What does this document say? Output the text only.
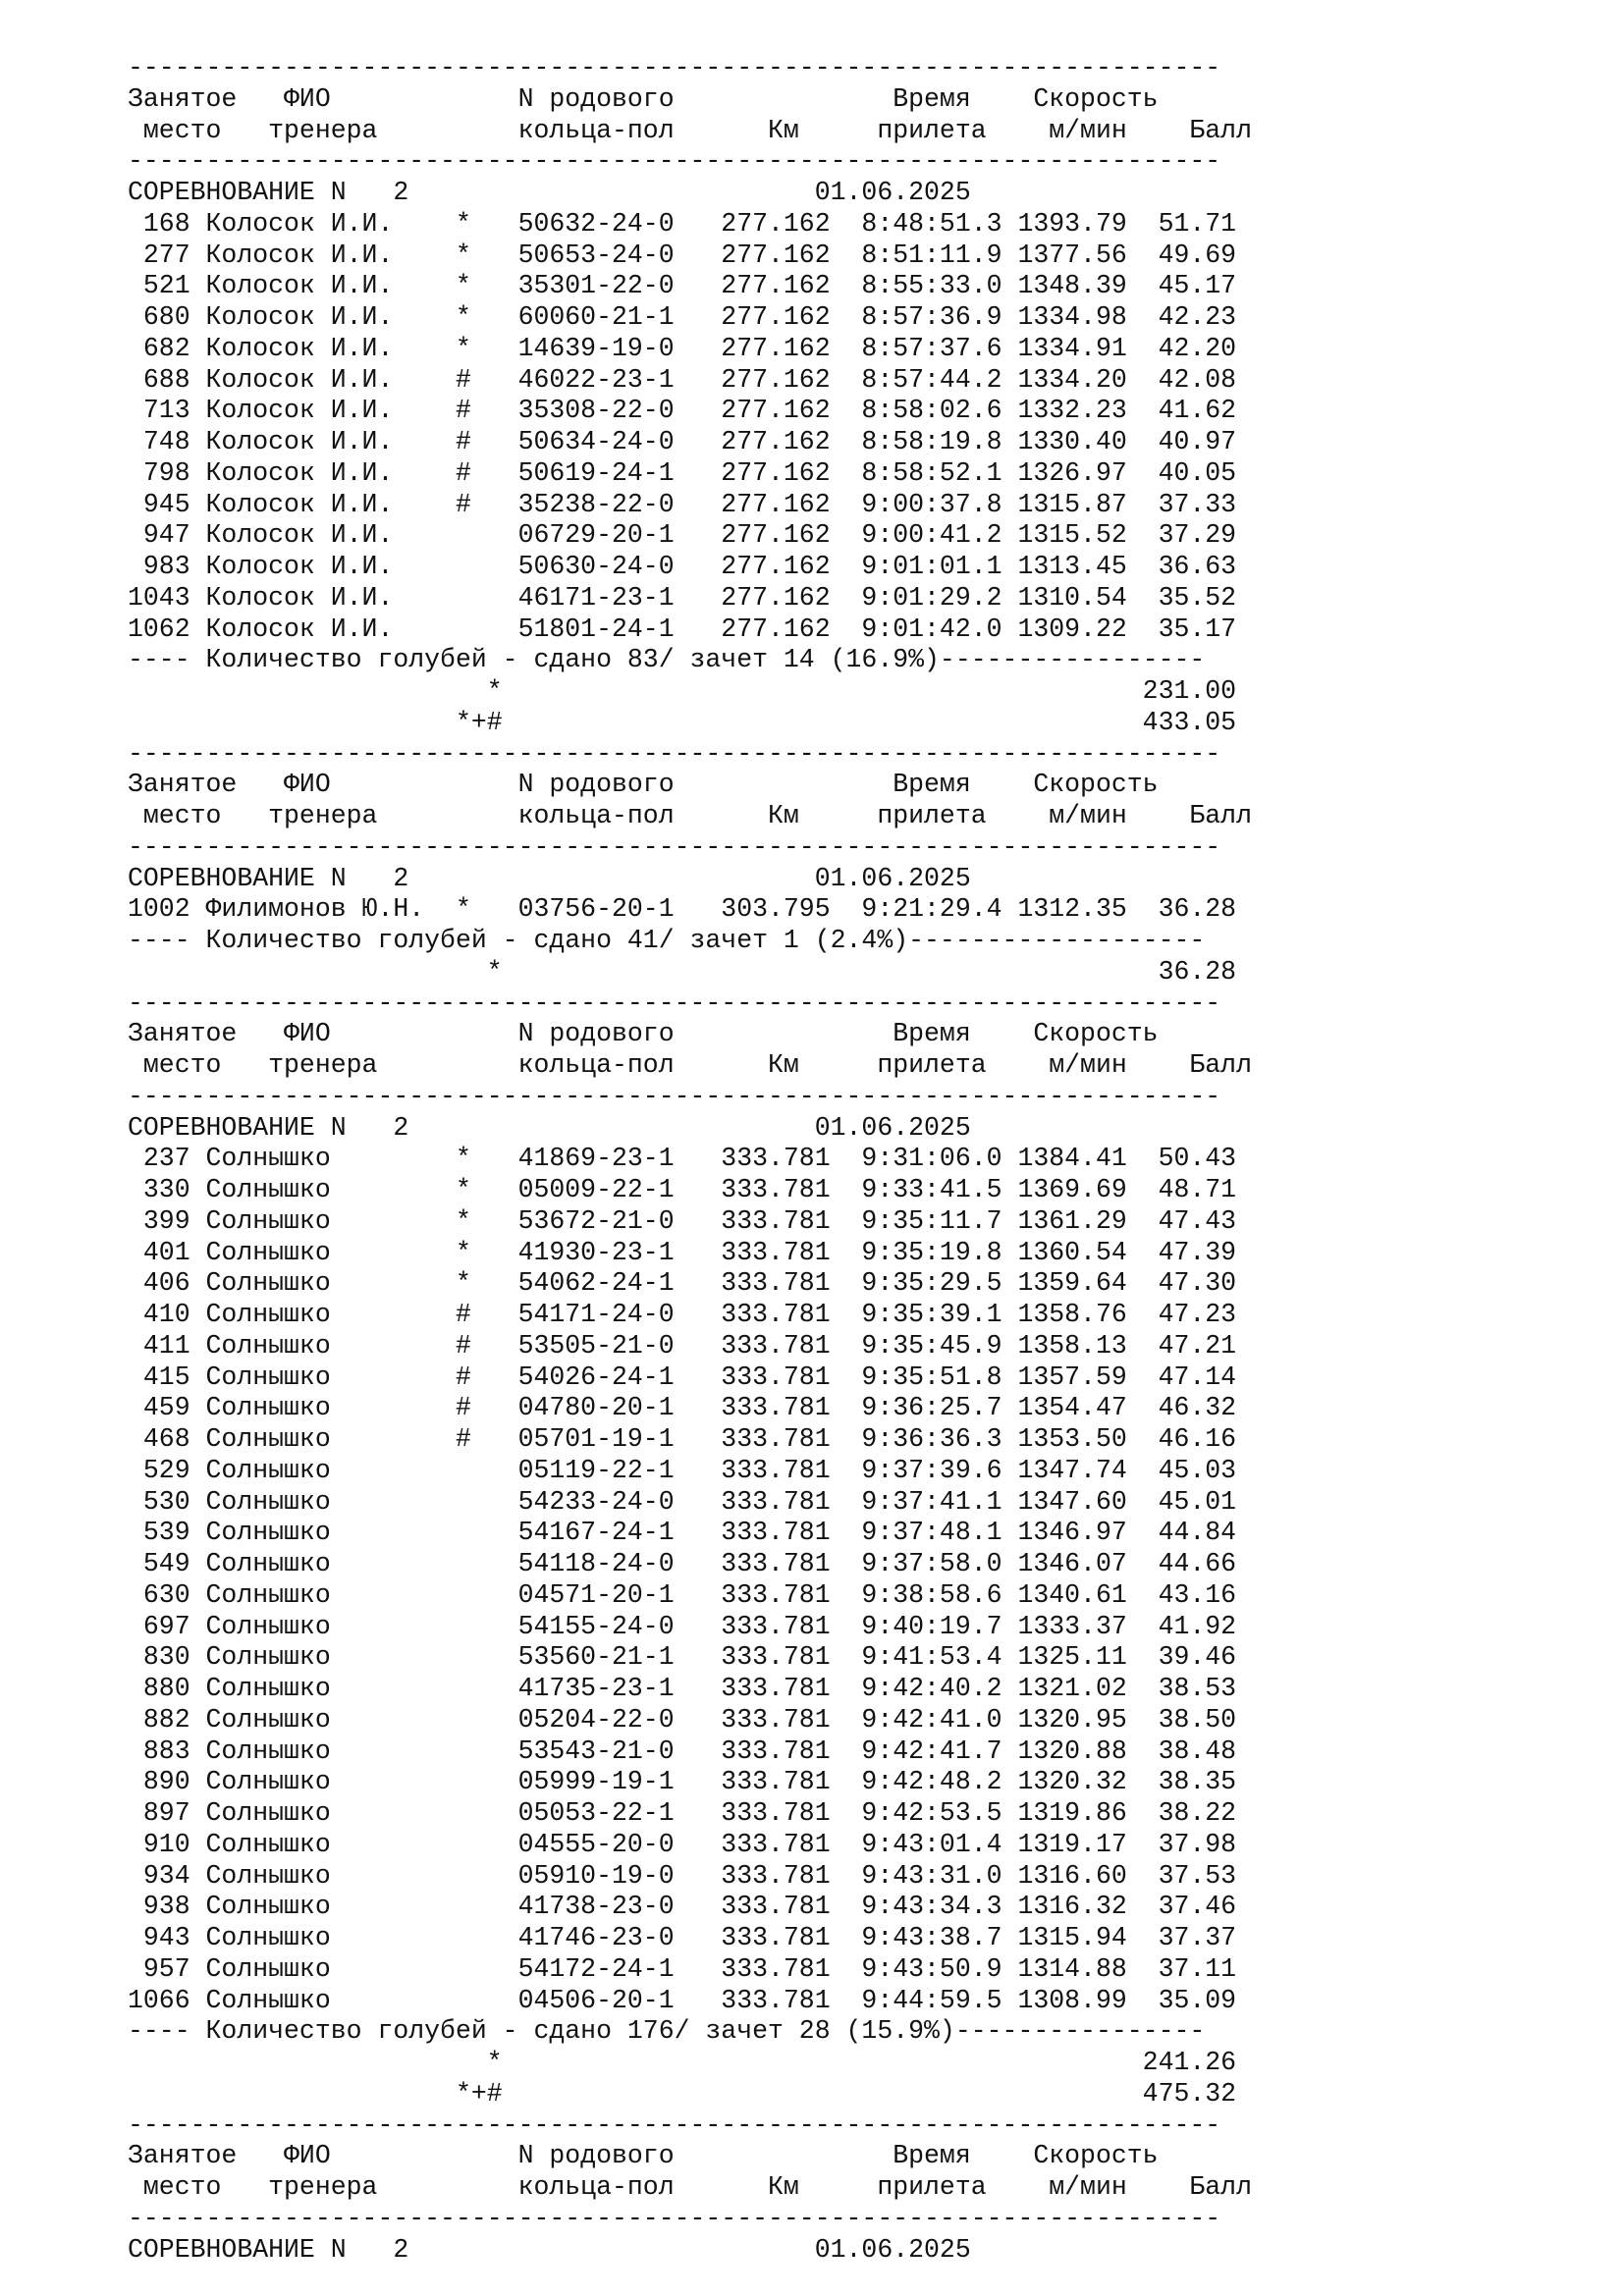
----------------------------------------------------------------------
Занятое   ФИО            N родового              Время    Скорость
место   тренера         кольца-пол      Км     прилета    м/мин    Балл
----------------------------------------------------------------------
СОРЕВНОВАНИЕ N   2                          01.06.2025
168 Колосок И.И.    *   50632-24-0   277.162  8:48:51.3 1393.79  51.71
277 Колосок И.И.    *   50653-24-0   277.162  8:51:11.9 1377.56  49.69
521 Колосок И.И.    *   35301-22-0   277.162  8:55:33.0 1348.39  45.17
680 Колосок И.И.    *   60060-21-1   277.162  8:57:36.9 1334.98  42.23
682 Колосок И.И.    *   14639-19-0   277.162  8:57:37.6 1334.91  42.20
688 Колосок И.И.    #   46022-23-1   277.162  8:57:44.2 1334.20  42.08
713 Колосок И.И.    #   35308-22-0   277.162  8:58:02.6 1332.23  41.62
748 Колосок И.И.    #   50634-24-0   277.162  8:58:19.8 1330.40  40.97
798 Колосок И.И.    #   50619-24-1   277.162  8:58:52.1 1326.97  40.05
945 Колосок И.И.    #   35238-22-0   277.162  9:00:37.8 1315.87  37.33
947 Колосок И.И.        06729-20-1   277.162  9:00:41.2 1315.52  37.29
983 Колосок И.И.        50630-24-0   277.162  9:01:01.1 1313.45  36.63
1043 Колосок И.И.        46171-23-1   277.162  9:01:29.2 1310.54  35.52
1062 Колосок И.И.        51801-24-1   277.162  9:01:42.0 1309.22  35.17
---- Количество голубей - сдано 83/ зачет 14 (16.9%)-----------------
*                                         231.00
*+#                                         433.05
----------------------------------------------------------------------
Занятое   ФИО            N родового              Время    Скорость
место   тренера         кольца-пол      Км     прилета    м/мин    Балл
----------------------------------------------------------------------
СОРЕВНОВАНИЕ N   2                          01.06.2025
1002 Филимонов Ю.Н.  *   03756-20-1   303.795  9:21:29.4 1312.35  36.28
---- Количество голубей - сдано 41/ зачет 1 (2.4%)-------------------
*                                          36.28
----------------------------------------------------------------------
Занятое   ФИО            N родового              Время    Скорость
место   тренера         кольца-пол      Км     прилета    м/мин    Балл
----------------------------------------------------------------------
СОРЕВНОВАНИЕ N   2                          01.06.2025
237 Солнышко        *   41869-23-1   333.781  9:31:06.0 1384.41  50.43
330 Солнышко        *   05009-22-1   333.781  9:33:41.5 1369.69  48.71
399 Солнышко        *   53672-21-0   333.781  9:35:11.7 1361.29  47.43
401 Солнышко        *   41930-23-1   333.781  9:35:19.8 1360.54  47.39
406 Солнышко        *   54062-24-1   333.781  9:35:29.5 1359.64  47.30
410 Солнышко        #   54171-24-0   333.781  9:35:39.1 1358.76  47.23
411 Солнышко        #   53505-21-0   333.781  9:35:45.9 1358.13  47.21
415 Солнышко        #   54026-24-1   333.781  9:35:51.8 1357.59  47.14
459 Солнышко        #   04780-20-1   333.781  9:36:25.7 1354.47  46.32
468 Солнышко        #   05701-19-1   333.781  9:36:36.3 1353.50  46.16
529 Солнышко            05119-22-1   333.781  9:37:39.6 1347.74  45.03
530 Солнышко            54233-24-0   333.781  9:37:41.1 1347.60  45.01
539 Солнышко            54167-24-1   333.781  9:37:48.1 1346.97  44.84
549 Солнышко            54118-24-0   333.781  9:37:58.0 1346.07  44.66
630 Солнышко            04571-20-1   333.781  9:38:58.6 1340.61  43.16
697 Солнышко            54155-24-0   333.781  9:40:19.7 1333.37  41.92
830 Солнышко            53560-21-1   333.781  9:41:53.4 1325.11  39.46
880 Солнышко            41735-23-1   333.781  9:42:40.2 1321.02  38.53
882 Солнышко            05204-22-0   333.781  9:42:41.0 1320.95  38.50
883 Солнышко            53543-21-0   333.781  9:42:41.7 1320.88  38.48
890 Солнышко            05999-19-1   333.781  9:42:48.2 1320.32  38.35
897 Солнышко            05053-22-1   333.781  9:42:53.5 1319.86  38.22
910 Солнышко            04555-20-0   333.781  9:43:01.4 1319.17  37.98
934 Солнышко            05910-19-0   333.781  9:43:31.0 1316.60  37.53
938 Солнышко            41738-23-0   333.781  9:43:34.3 1316.32  37.46
943 Солнышко            41746-23-0   333.781  9:43:38.7 1315.94  37.37
957 Солнышко            54172-24-1   333.781  9:43:50.9 1314.88  37.11
1066 Солнышко            04506-20-1   333.781  9:44:59.5 1308.99  35.09
---- Количество голубей - сдано 176/ зачет 28 (15.9%)----------------
*                                         241.26
*+#                                         475.32
----------------------------------------------------------------------
Занятое   ФИО            N родового              Время    Скорость
место   тренера         кольца-пол      Км     прилета    м/мин    Балл
----------------------------------------------------------------------
СОРЕВНОВАНИЕ N   2                          01.06.2025
